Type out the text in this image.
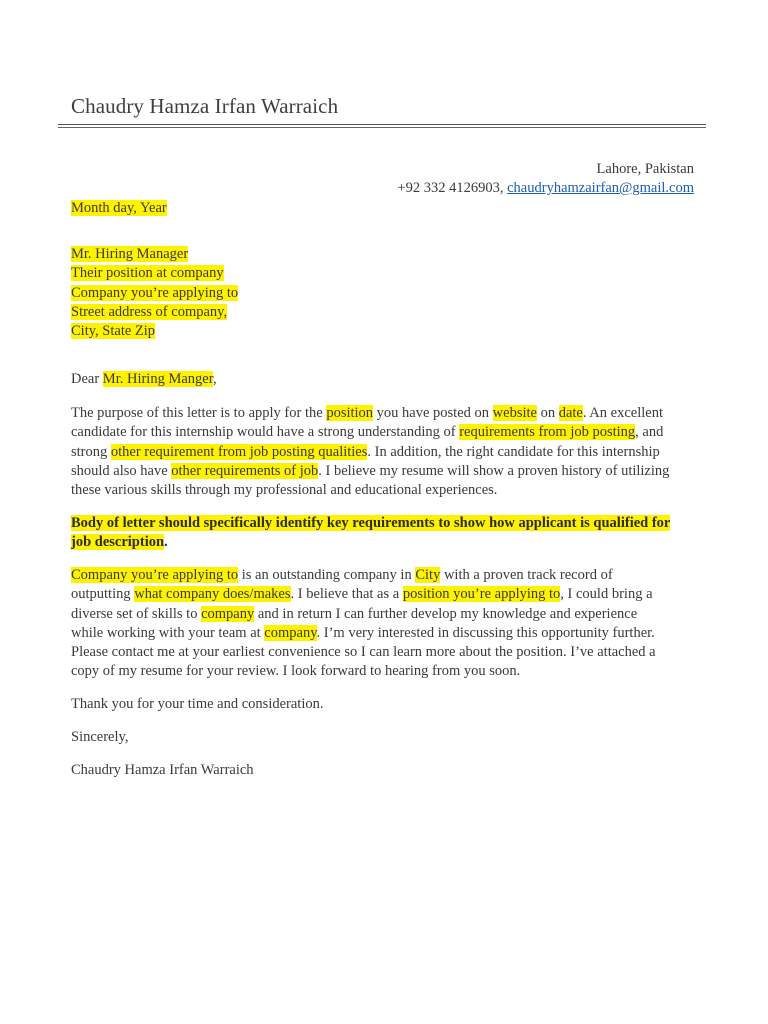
Chaudry Hamza Irfan Warraich
Lahore, Pakistan
+92 332 4126903, chaudryhamzairfan@gmail.com
Month day, Year
Mr. Hiring Manager
Their position at company
Company you’re applying to
Street address of company,
City, State Zip
Dear Mr. Hiring Manger,
The purpose of this letter is to apply for the position you have posted on website on date. An excellent
candidate for this internship would have a strong understanding of requirements from job posting, and
strong other requirement from job posting qualities. In addition, the right candidate for this internship
should also have other requirements of job. I believe my resume will show a proven history of utilizing
these various skills through my professional and educational experiences.
Body of letter should specifically identify key requirements to show how applicant is qualified for
job description.
Company you’re applying to is an outstanding company in City with a proven track record of
outputting what company does/makes. I believe that as a position you’re applying to, I could bring a
diverse set of skills to company and in return I can further develop my knowledge and experience
while working with your team at company. I’m very interested in discussing this opportunity further.
Please contact me at your earliest convenience so I can learn more about the position. I’ve attached a
copy of my resume for your review. I look forward to hearing from you soon.
Thank you for your time and consideration.
Sincerely,
Chaudry Hamza Irfan Warraich
